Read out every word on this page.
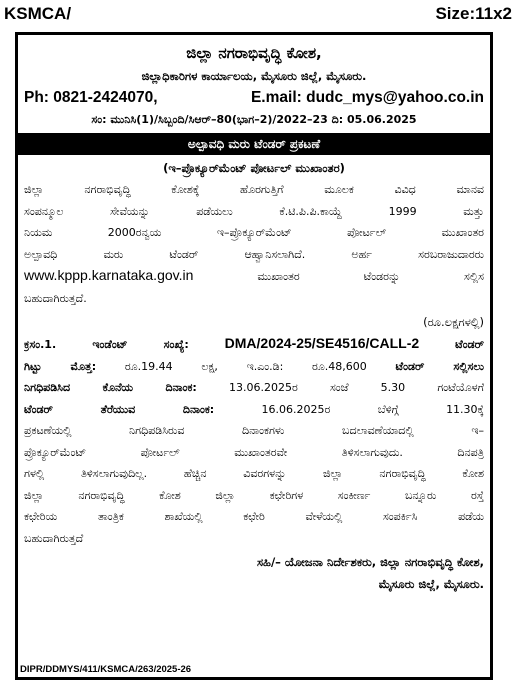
KSMCA/	Size:11x2
ಜಿಲ್ಲಾ ನಗರಾಭಿವೃದ್ಧಿ ಕೋಶ,
ಜಿಲ್ಲಾಧಿಕಾರಿಗಳ ಕಾರ್ಯಾಲಯ, ಮೈಸೂರು ಜಿಲ್ಲೆ, ಮೈಸೂರು.
Ph: 0821-2424070,	E.mail: dudc_mys@yahoo.co.in
ಸಂ: ಮುನಿಸಿ(1)/ಸಿಬ್ಬಂದಿ/ಸಿಆರ್–80(ಭಾಗ–2)/2022–23 ದಿ: 05.06.2025
ಅಲ್ಪಾವಧಿ ಮರು ಟೆಂಡರ್ ಪ್ರಕಟಣೆ
(ಇ–ಪ್ರೊಕ್ಯೂರ್‌ಮೆಂಟ್ ಪೋರ್ಟಲ್ ಮುಖಾಂತರ)
ಜಿಲ್ಲಾ ನಗರಾಭಿವೃದ್ಧಿ ಕೋಶಕ್ಕೆ ಹೊರಗುತ್ತಿಗೆ ಮೂಲಕ ವಿವಿಧ ಮಾನವ
ಸಂಪನ್ಮೂಲ ಸೇವೆಯನ್ನು ಪಡೆಯಲು ಕೆ.ಟಿ.ಪಿ.ಪಿ.ಕಾಯ್ದೆ 1999 ಮತ್ತು
ನಿಯಮ 2000ರನ್ವಯ ಇ–ಪ್ರೊಕ್ಯೂರ್‌ಮೆಂಟ್ ಪೋರ್ಟಲ್ ಮುಖಾಂತರ
ಅಲ್ಪಾವಧಿ ಮರು ಟೆಂಡರ್ ಆಹ್ವಾನಿಸಲಾಗಿದೆ. ಅರ್ಹ ಸರಬರಾಜುದಾರರು
www.kppp.karnataka.gov.in	ಮುಖಾಂತರ ಟೆಂಡರನ್ನು ಸಲ್ಲಿಸ
ಬಹುದಾಗಿರುತ್ತದೆ.
(ರೂ.ಲಕ್ಷಗಳಲ್ಲಿ)
ಕ್ರಸಂ.1. ಇಂಡೆಂಟ್ ಸಂಖ್ಯೆ:	DMA/2024-25/SE4516/CALL-2	ಟೆಂಡರ್
ಗಿಟ್ಟು ಮೊತ್ತ:	ರೂ.19.44 ಲಕ್ಷ, ಇ.ಎಂ.ಡಿ: ರೂ.48,600	ಟೆಂಡರ್ ಸಲ್ಲಿಸಲು
ನಿಗಧಿಪಡಿಸಿದ ಕೊನೆಯ ದಿನಾಂಕ:	13.06.2025ರ ಸಂಜೆ 5.30 ಗಂಟೆಯೊಳಗೆ
ಟೆಂಡರ್ ತೆರೆಯುವ ದಿನಾಂಕ:	16.06.2025ರ ಬೆಳಿಗ್ಗೆ 11.30ಕ್ಕೆ
ಪ್ರಕಟಣೆಯಲ್ಲಿ ನಿಗಧಿಪಡಿಸಿರುವ ದಿನಾಂಕಗಳು ಬದಲಾವಣೆಯಾದಲ್ಲಿ ಇ–
ಪ್ರೊಕ್ಯೂರ್‌ಮೆಂಟ್ ಪೋರ್ಟಲ್ ಮುಖಾಂತರವೇ ತಿಳಿಸಲಾಗುವುದು. ದಿನಪತ್ರಿ
ಗಳಲ್ಲಿ ತಿಳಿಸಲಾಗುವುದಿಲ್ಲ. ಹೆಚ್ಚಿನ ವಿವರಗಳನ್ನು ಜಿಲ್ಲಾ ನಗರಾಭಿವೃದ್ಧಿ ಕೋಶ
ಜಿಲ್ಲಾ ನಗರಾಭಿವೃದ್ಧಿ ಕೋಶ ಜಿಲ್ಲಾ ಕಛೇರಿಗಳ ಸಂಕೀರ್ಣ ಬನ್ನೂರು ರಸ್ತೆ
ಕಛೇರಿಯ ತಾಂತ್ರಿಕ ಶಾಖೆಯಲ್ಲಿ ಕಛೇರಿ ವೇಳೆಯಲ್ಲಿ ಸಂಪರ್ಕಿಸಿ ಪಡೆಯ
ಬಹುದಾಗಿರುತ್ತದೆ
ಸಹಿ/– ಯೋಜನಾ ನಿರ್ದೇಶಕರು, ಜಿಲ್ಲಾ ನಗರಾಭಿವೃದ್ಧಿ ಕೋಶ,
ಮೈಸೂರು ಜಿಲ್ಲೆ, ಮೈಸೂರು.
DIPR/DDMYS/411/KSMCA/263/2025-26
